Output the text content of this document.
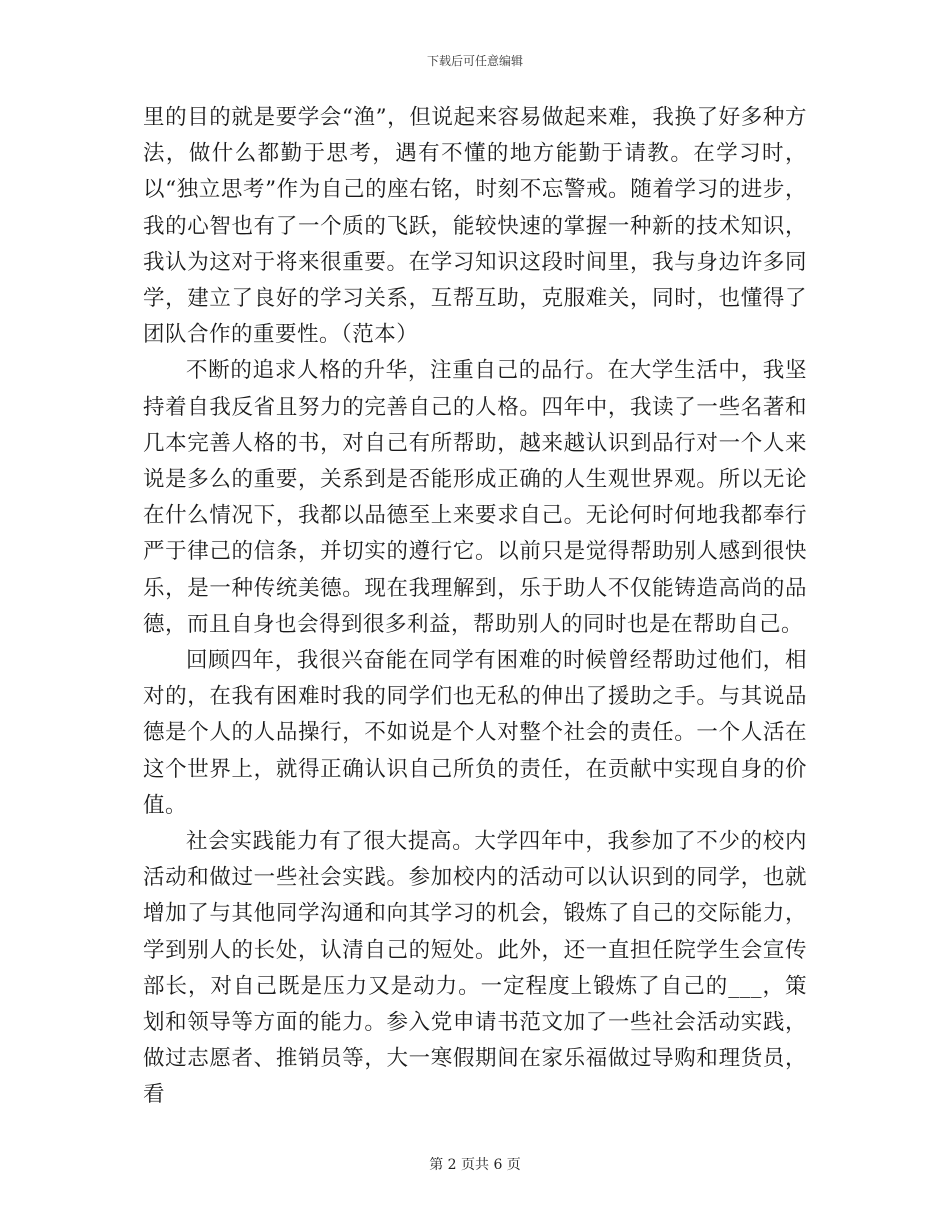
下载后可任意编辑

里的目的就是要学会“渔”，但说起来容易做起来难，我换了好多种方法，做什么都勤于思考，遇有不懂的地方能勤于请教。在学习时，以“独立思考”作为自己的座右铭，时刻不忘警戒。随着学习的进步，我的心智也有了一个质的飞跃，能较快速的掌握一种新的技术知识，我认为这对于将来很重要。在学习知识这段时间里，我与身边许多同学，建立了良好的学习关系，互帮互助，克服难关，同时，也懂得了团队合作的重要性。（范本）

不断的追求人格的升华，注重自己的品行。在大学生活中，我坚持着自我反省且努力的完善自己的人格。四年中，我读了一些名著和几本完善人格的书，对自己有所帮助，越来越认识到品行对一个人来说是多么的重要，关系到是否能形成正确的人生观世界观。所以无论在什么情况下，我都以品德至上来要求自己。无论何时何地我都奉行严于律己的信条，并切实的遵行它。以前只是觉得帮助别人感到很快乐，是一种传统美德。现在我理解到，乐于助人不仅能铸造高尚的品德，而且自身也会得到很多利益，帮助别人的同时也是在帮助自己。

回顾四年，我很兴奋能在同学有困难的时候曾经帮助过他们，相对的，在我有困难时我的同学们也无私的伸出了援助之手。与其说品德是个人的人品操行，不如说是个人对整个社会的责任。一个人活在这个世界上，就得正确认识自己所负的责任，在贡献中实现自身的价值。

社会实践能力有了很大提高。大学四年中，我参加了不少的校内活动和做过一些社会实践。参加校内的活动可以认识到的同学，也就增加了与其他同学沟通和向其学习的机会，锻炼了自己的交际能力，学到别人的长处，认清自己的短处。此外，还一直担任院学生会宣传部长，对自己既是压力又是动力。一定程度上锻炼了自己的___，策划和领导等方面的能力。参入党申请书范文加了一些社会活动实践，做过志愿者、推销员等，大一寒假期间在家乐福做过导购和理货员，看

第 2 页共 6 页
